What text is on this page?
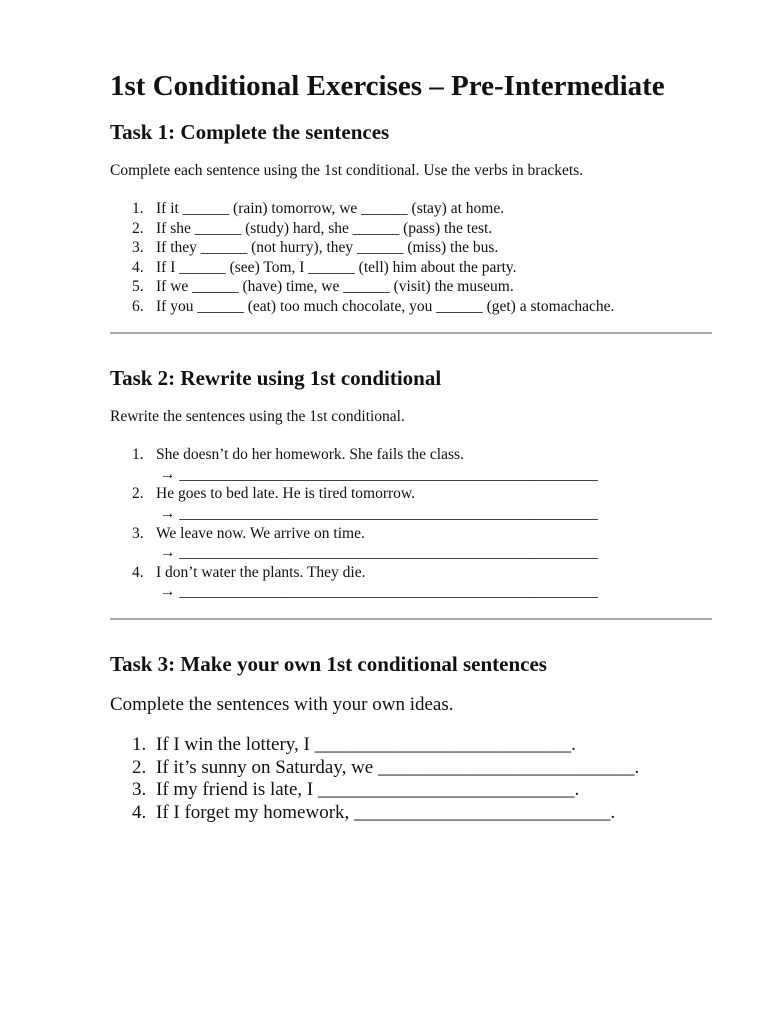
1st Conditional Exercises – Pre-Intermediate
Task 1: Complete the sentences

Complete each sentence using the 1st conditional. Use the verbs in brackets.

1. If it ______ (rain) tomorrow, we ______ (stay) at home.
2. If she ______ (study) hard, she ______ (pass) the test.
3. If they ______ (not hurry), they ______ (miss) the bus.
4. If I ______ (see) Tom, I ______ (tell) him about the party.
5. If we ______ (have) time, we ______ (visit) the museum.
6. If you ______ (eat) too much chocolate, you ______ (get) a stomachache.
Task 2: Rewrite using 1st conditional

Rewrite the sentences using the 1st conditional.

1. She doesn’t do her homework. She fails the class.
→ ______________________________________________________
2. He goes to bed late. He is tired tomorrow.
→ ______________________________________________________
3. We leave now. We arrive on time.
→ ______________________________________________________
4. I don’t water the plants. They die.
→ ______________________________________________________
Task 3: Make your own 1st conditional sentences

Complete the sentences with your own ideas.

1. If I win the lottery, I ___________________________.
2. If it’s sunny on Saturday, we ___________________________.
3. If my friend is late, I ___________________________.
4. If I forget my homework, ___________________________.
